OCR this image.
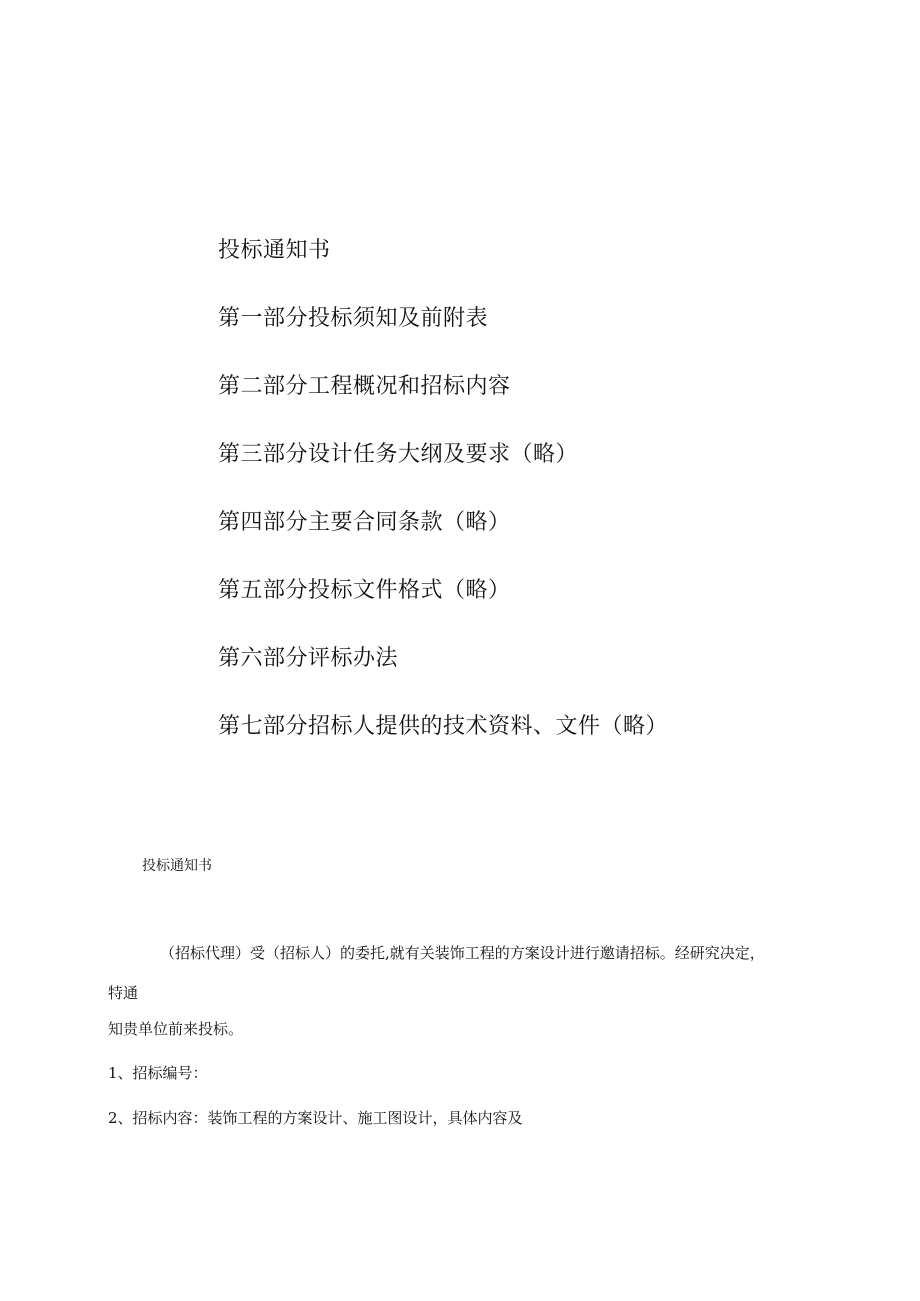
投标通知书
第一部分投标须知及前附表
第二部分工程概况和招标内容
第三部分设计任务大纲及要求（略）
第四部分主要合同条款（略）
第五部分投标文件格式（略）
第六部分评标办法
第七部分招标人提供的技术资料、文件（略）
投标通知书
（招标代理）受（招标人）的委托,就有关装饰工程的方案设计进行邀请招标。经研究决定，
特通
知贵单位前来投标。
1、招标编号：
2、招标内容：装饰工程的方案设计、施工图设计，具体内容及
